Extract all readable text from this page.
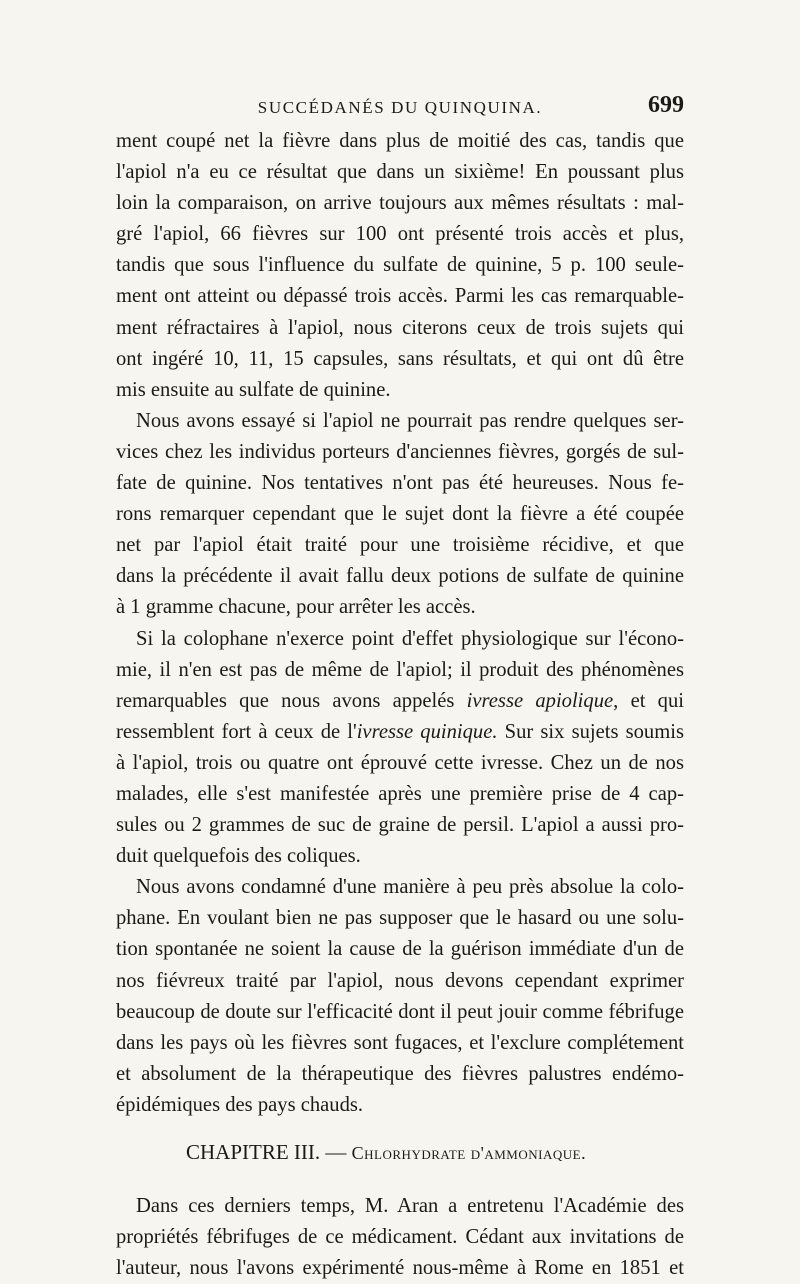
SUCCÉDANÉS DU QUINQUINA.	699
ment coupé net la fièvre dans plus de moitié des cas, tandis que
l'apiol n'a eu ce résultat que dans un sixième! En poussant plus
loin la comparaison, on arrive toujours aux mêmes résultats : mal-
gré l'apiol, 66 fièvres sur 100 ont présenté trois accès et plus,
tandis que sous l'influence du sulfate de quinine, 5 p. 100 seule-
ment ont atteint ou dépassé trois accès. Parmi les cas remarquable-
ment réfractaires à l'apiol, nous citerons ceux de trois sujets qui
ont ingéré 10, 11, 15 capsules, sans résultats, et qui ont dû être
mis ensuite au sulfate de quinine.
Nous avons essayé si l'apiol ne pourrait pas rendre quelques ser-
vices chez les individus porteurs d'anciennes fièvres, gorgés de sul-
fate de quinine. Nos tentatives n'ont pas été heureuses. Nous fe-
rons remarquer cependant que le sujet dont la fièvre a été coupée
net par l'apiol était traité pour une troisième récidive, et que
dans la précédente il avait fallu deux potions de sulfate de quinine
à 1 gramme chacune, pour arrêter les accès.
Si la colophane n'exerce point d'effet physiologique sur l'écono-
mie, il n'en est pas de même de l'apiol; il produit des phénomènes
remarquables que nous avons appelés ivresse apiolique, et qui
ressemblent fort à ceux de l'ivresse quinique. Sur six sujets soumis
à l'apiol, trois ou quatre ont éprouvé cette ivresse. Chez un de nos
malades, elle s'est manifestée après une première prise de 4 cap-
sules ou 2 grammes de suc de graine de persil. L'apiol a aussi pro-
duit quelquefois des coliques.
Nous avons condamné d'une manière à peu près absolue la colo-
phane. En voulant bien ne pas supposer que le hasard ou une solu-
tion spontanée ne soient la cause de la guérison immédiate d'un de
nos fiévreux traité par l'apiol, nous devons cependant exprimer
beaucoup de doute sur l'efficacité dont il peut jouir comme fébrifuge
dans les pays où les fièvres sont fugaces, et l'exclure complétement
et absolument de la thérapeutique des fièvres palustres endémo-
épidémiques des pays chauds.
CHAPITRE III. — Chlorhydrate d'ammoniaque.
Dans ces derniers temps, M. Aran a entretenu l'Académie des
propriétés fébrifuges de ce médicament. Cédant aux invitations de
l'auteur, nous l'avons expérimenté nous-même à Rome en 1851 et
